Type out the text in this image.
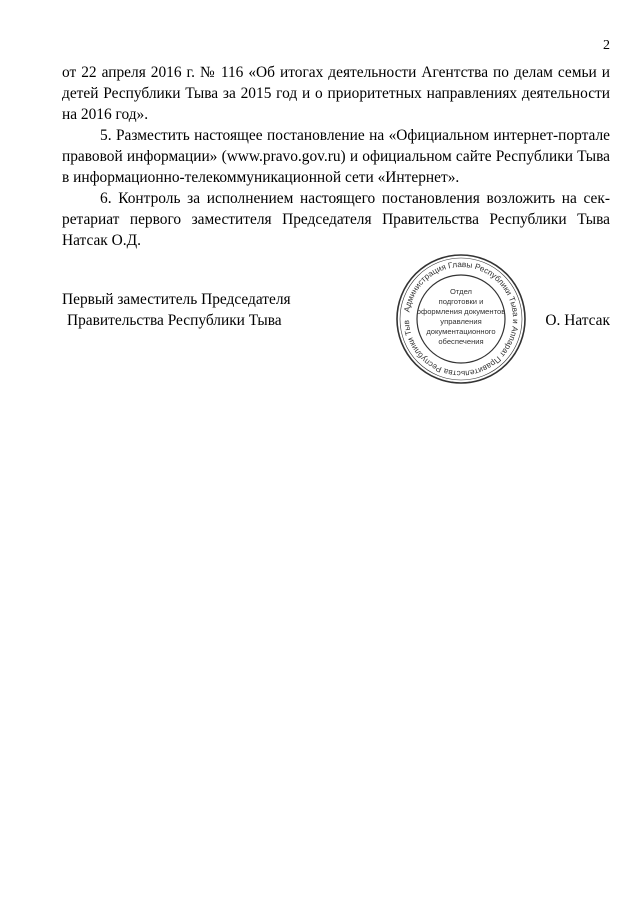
2

от 22 апреля 2016 г. № 116 «Об итогах деятельности Агентства по делам семьи и детей Республики Тыва за 2015 год и о приоритетных направлениях деятельности на 2016 год».

5. Разместить настоящее постановление на «Официальном интернет-портале правовой информации» (www.pravo.gov.ru) и официальном сайте Республики Тыва в информационно-телекоммуникационной сети «Интернет».

6. Контроль за исполнением настоящего постановления возложить на сек-ретариат первого заместителя Председателя Правительства Республики Тыва Натсак О.Д.

Первый заместитель Председателя
Правительства Республики Тыва
Администрация Главы Республики Тыва и Аппарат Правительства Республики Тыв
Отдел
подготовки и
оформления документов
управления
документационного
обеспечения
О. Натсак
